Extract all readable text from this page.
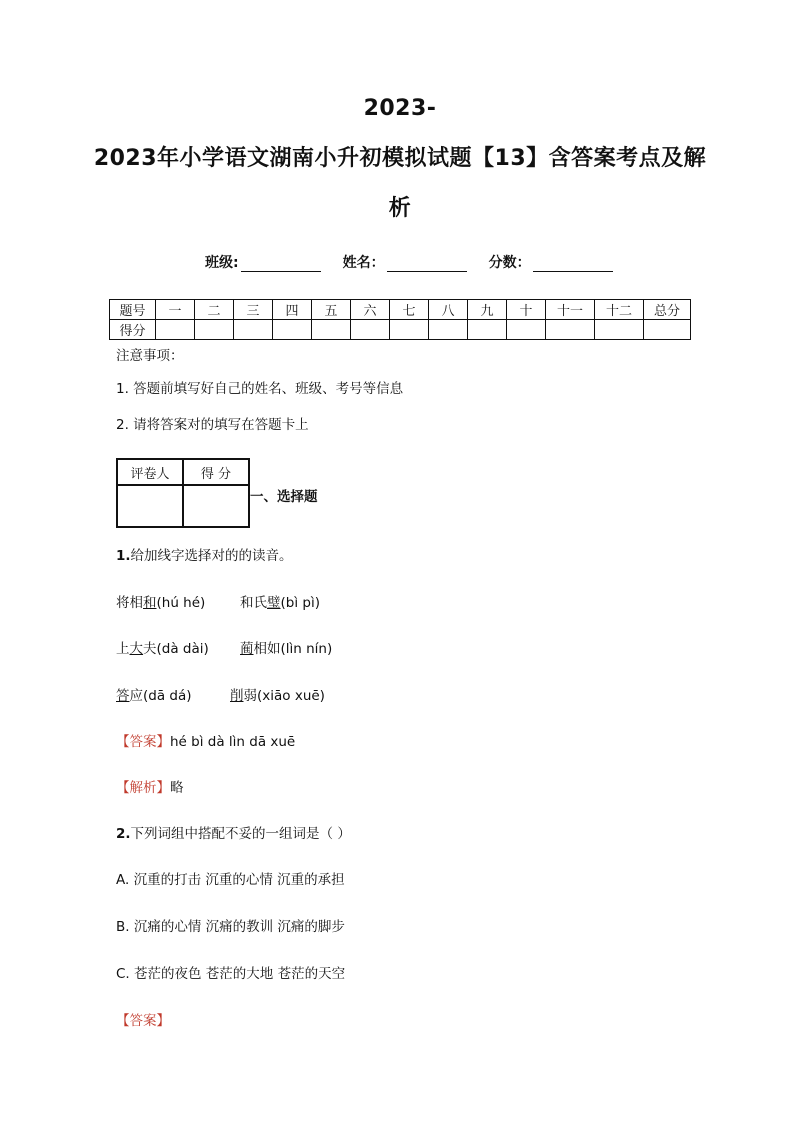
2023-
2023年小学语文湖南小升初模拟试题【13】含答案考点及解
析
班级:	姓名：	分数：
题号	一	二	三	四	五	六	七	八	九	十	十一	十二	总分
得分													
注意事项：
1. 答题前填写好自己的姓名、班级、考号等信息
2. 请将答案对的填写在答题卡上
评卷人	得 分

一、选择题
1.给加线字选择对的的读音。
将相和(hú hé)	和氏璧(bì pì)
上大夫(dà dài) 蔺相如(lìn nín)
答应(dā dá)	削弱(xiāo xuē)
【答案】hé bì dà lìn dā xuē
【解析】略
2.下列词组中搭配不妥的一组词是（ ）
A. 沉重的打击 沉重的心情 沉重的承担
B. 沉痛的心情 沉痛的教训 沉痛的脚步
C. 苍茫的夜色 苍茫的大地 苍茫的天空
【答案】
